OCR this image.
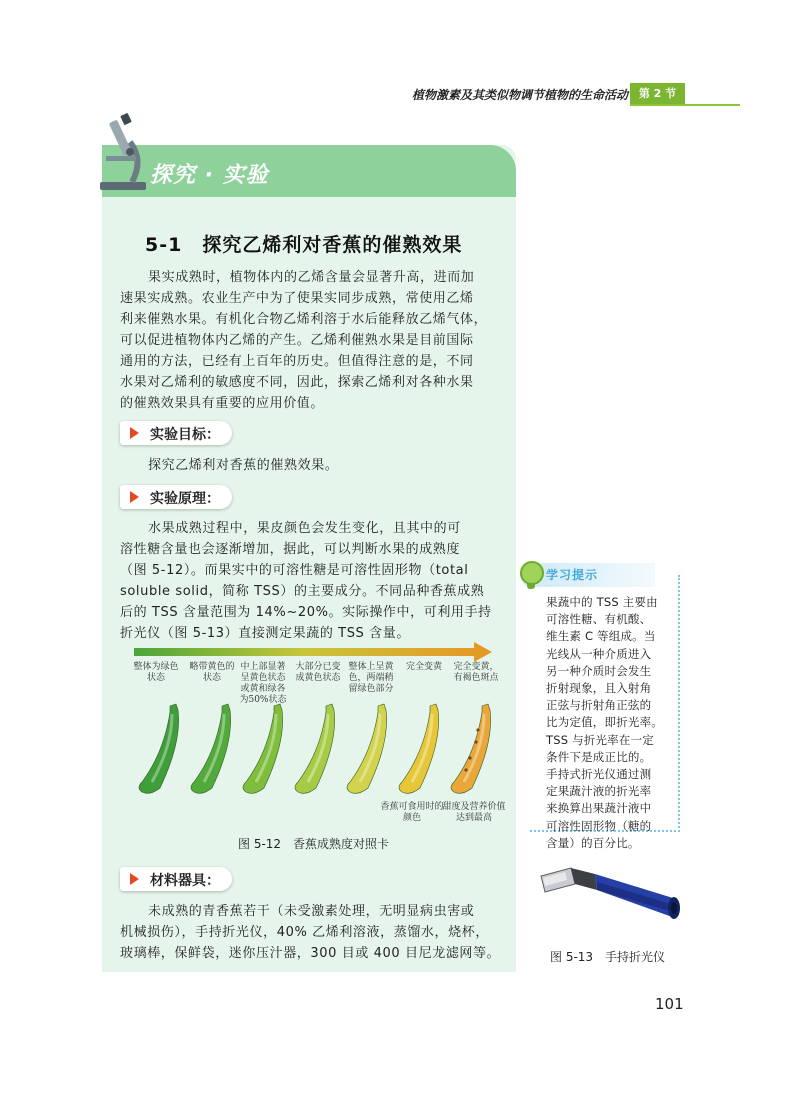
植物激素及其类似物调节植物的生命活动 第 2 节
探究 · 实验
5-1　探究乙烯利对香蕉的催熟效果

果实成熟时，植物体内的乙烯含量会显著升高，进而加
速果实成熟。农业生产中为了使果实同步成熟，常使用乙烯
利来催熟水果。有机化合物乙烯利溶于水后能释放乙烯气体，
可以促进植物体内乙烯的产生。乙烯利催熟水果是目前国际
通用的方法，已经有上百年的历史。但值得注意的是，不同
水果对乙烯利的敏感度不同，因此，探索乙烯利对各种水果
的催熟效果具有重要的应用价值。

实验目标：

探究乙烯利对香蕉的催熟效果。

实验原理：

水果成熟过程中，果皮颜色会发生变化，且其中的可
溶性糖含量也会逐渐增加，据此，可以判断水果的成熟度
（图 5-12）。而果实中的可溶性糖是可溶性固形物（total
soluble solid，简称 TSS）的主要成分。不同品种香蕉成熟
后的 TSS 含量范围为 14%~20%。实际操作中，可利用手持
折光仪（图 5-13）直接测定果蔬的 TSS 含量。

整体为绿色状态
略带黄色的状态
中上部显著呈黄色状态或黄和绿各为50%状态
大部分已变成黄色状态
整体上呈黄色，两端稍留绿色部分
完全变黄	完全变黄，有褐色斑点
香蕉可食用时的颜色
甜度及营养价值达到最高
图 5-12　香蕉成熟度对照卡
材料器具：

未成熟的青香蕉若干（未受激素处理，无明显病虫害或
机械损伤），手持折光仪，40% 乙烯利溶液，蒸馏水，烧杯，
玻璃棒，保鲜袋，迷你压汁器，300 目或 400 目尼龙滤网等。

学习提示

果蔬中的 TSS 主要由
可溶性糖、有机酸、
维生素 C 等组成。当
光线从一种介质进入
另一种介质时会发生
折射现象，且入射角
正弦与折射角正弦的
比为定值，即折光率。
TSS 与折光率在一定
条件下是成正比的。
手持式折光仪通过测
定果蔬汁液的折光率
来换算出果蔬汁液中
可溶性固形物（糖的
含量）的百分比。

图 5-13　手持折光仪
101
